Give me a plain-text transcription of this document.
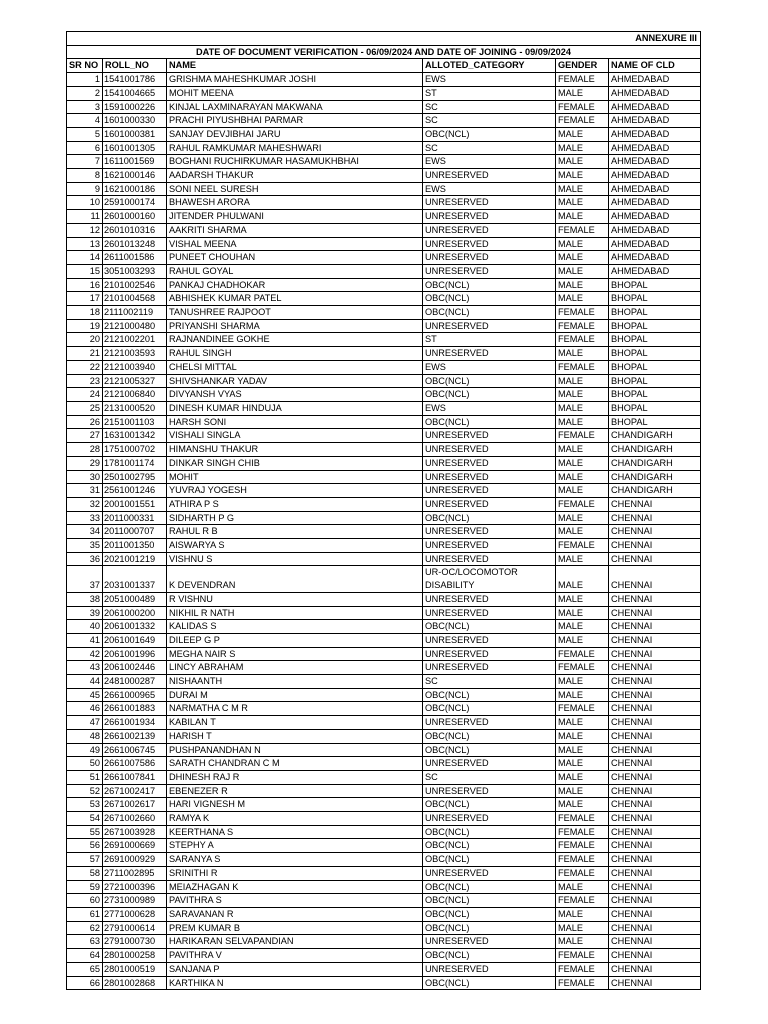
ANNEXURE III					
DATE OF DOCUMENT VERIFICATION - 06/09/2024 AND DATE OF JOINING - 09/09/2024					
SR NO	ROLL_NO	NAME	ALLOTED_CATEGORY	GENDER	NAME OF CLD
1	1541001786	GRISHMA MAHESHKUMAR JOSHI	EWS	FEMALE	AHMEDABAD
2	1541004665	MOHIT MEENA	ST	MALE	AHMEDABAD
3	1591000226	KINJAL LAXMINARAYAN MAKWANA	SC	FEMALE	AHMEDABAD
4	1601000330	PRACHI PIYUSHBHAI PARMAR	SC	FEMALE	AHMEDABAD
5	1601000381	SANJAY DEVJIBHAI JARU	OBC(NCL)	MALE	AHMEDABAD
6	1601001305	RAHUL RAMKUMAR MAHESHWARI	SC	MALE	AHMEDABAD
7	1611001569	BOGHANI RUCHIRKUMAR HASAMUKHBHAI	EWS	MALE	AHMEDABAD
8	1621000146	AADARSH THAKUR	UNRESERVED	MALE	AHMEDABAD
9	1621000186	SONI NEEL SURESH	EWS	MALE	AHMEDABAD
10	2591000174	BHAWESH ARORA	UNRESERVED	MALE	AHMEDABAD
11	2601000160	JITENDER PHULWANI	UNRESERVED	MALE	AHMEDABAD
12	2601010316	AAKRITI SHARMA	UNRESERVED	FEMALE	AHMEDABAD
13	2601013248	VISHAL MEENA	UNRESERVED	MALE	AHMEDABAD
14	2611001586	PUNEET CHOUHAN	UNRESERVED	MALE	AHMEDABAD
15	3051003293	RAHUL GOYAL	UNRESERVED	MALE	AHMEDABAD
16	2101002546	PANKAJ CHADHOKAR	OBC(NCL)	MALE	BHOPAL
17	2101004568	ABHISHEK KUMAR PATEL	OBC(NCL)	MALE	BHOPAL
18	2111002119	TANUSHREE RAJPOOT	OBC(NCL)	FEMALE	BHOPAL
19	2121000480	PRIYANSHI SHARMA	UNRESERVED	FEMALE	BHOPAL
20	2121002201	RAJNANDINEE GOKHE	ST	FEMALE	BHOPAL
21	2121003593	RAHUL SINGH	UNRESERVED	MALE	BHOPAL
22	2121003940	CHELSI MITTAL	EWS	FEMALE	BHOPAL
23	2121005327	SHIVSHANKAR YADAV	OBC(NCL)	MALE	BHOPAL
24	2121006840	DIVYANSH VYAS	OBC(NCL)	MALE	BHOPAL
25	2131000520	DINESH KUMAR HINDUJA	EWS	MALE	BHOPAL
26	2151001103	HARSH SONI	OBC(NCL)	MALE	BHOPAL
27	1631001342	VISHALI SINGLA	UNRESERVED	FEMALE	CHANDIGARH
28	1751000702	HIMANSHU THAKUR	UNRESERVED	MALE	CHANDIGARH
29	1781001174	DINKAR SINGH CHIB	UNRESERVED	MALE	CHANDIGARH
30	2501002795	MOHIT	UNRESERVED	MALE	CHANDIGARH
31	2561001246	YUVRAJ YOGESH	UNRESERVED	MALE	CHANDIGARH
32	2001001551	ATHIRA P S	UNRESERVED	FEMALE	CHENNAI
33	2011000331	SIDHARTH P G	OBC(NCL)	MALE	CHENNAI
34	2011000707	RAHUL R B	UNRESERVED	MALE	CHENNAI
35	2011001350	AISWARYA S	UNRESERVED	FEMALE	CHENNAI
36	2021001219	VISHNU S	UNRESERVED	MALE	CHENNAI
37	2031001337	K DEVENDRAN	UR-OC/LOCOMOTOR DISABILITY	MALE	CHENNAI
38	2051000489	R VISHNU	UNRESERVED	MALE	CHENNAI
39	2061000200	NIKHIL R NATH	UNRESERVED	MALE	CHENNAI
40	2061001332	KALIDAS S	OBC(NCL)	MALE	CHENNAI
41	2061001649	DILEEP G P	UNRESERVED	MALE	CHENNAI
42	2061001996	MEGHA NAIR S	UNRESERVED	FEMALE	CHENNAI
43	2061002446	LINCY ABRAHAM	UNRESERVED	FEMALE	CHENNAI
44	2481000287	NISHAANTH	SC	MALE	CHENNAI
45	2661000965	DURAI M	OBC(NCL)	MALE	CHENNAI
46	2661001883	NARMATHA C M R	OBC(NCL)	FEMALE	CHENNAI
47	2661001934	KABILAN T	UNRESERVED	MALE	CHENNAI
48	2661002139	HARISH T	OBC(NCL)	MALE	CHENNAI
49	2661006745	PUSHPANANDHAN N	OBC(NCL)	MALE	CHENNAI
50	2661007586	SARATH CHANDRAN C M	UNRESERVED	MALE	CHENNAI
51	2661007841	DHINESH RAJ R	SC	MALE	CHENNAI
52	2671002417	EBENEZER R	UNRESERVED	MALE	CHENNAI
53	2671002617	HARI VIGNESH M	OBC(NCL)	MALE	CHENNAI
54	2671002660	RAMYA K	UNRESERVED	FEMALE	CHENNAI
55	2671003928	KEERTHANA S	OBC(NCL)	FEMALE	CHENNAI
56	2691000669	STEPHY A	OBC(NCL)	FEMALE	CHENNAI
57	2691000929	SARANYA S	OBC(NCL)	FEMALE	CHENNAI
58	2711002895	SRINITHI R	UNRESERVED	FEMALE	CHENNAI
59	2721000396	MEIAZHAGAN K	OBC(NCL)	MALE	CHENNAI
60	2731000989	PAVITHRA S	OBC(NCL)	FEMALE	CHENNAI
61	2771000628	SARAVANAN R	OBC(NCL)	MALE	CHENNAI
62	2791000614	PREM KUMAR B	OBC(NCL)	MALE	CHENNAI
63	2791000730	HARIKARAN SELVAPANDIAN	UNRESERVED	MALE	CHENNAI
64	2801000258	PAVITHRA V	OBC(NCL)	FEMALE	CHENNAI
65	2801000519	SANJANA P	UNRESERVED	FEMALE	CHENNAI
66	2801002868	KARTHIKA N	OBC(NCL)	FEMALE	CHENNAI
